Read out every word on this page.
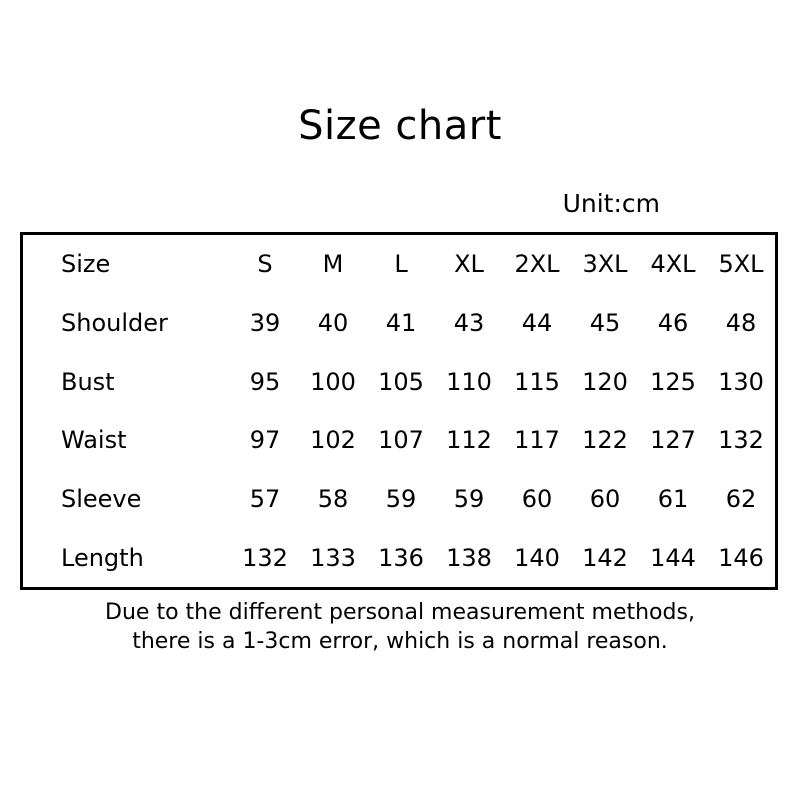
Size chart
Unit:cm
Size	S	M	L	XL	2XL	3XL	4XL	5XL
Shoulder	39	40	41	43	44	45	46	48
Bust	95	100	105	110	115	120	125	130
Waist	97	102	107	112	117	122	127	132
Sleeve	57	58	59	59	60	60	61	62
Length	132	133	136	138	140	142	144	146
Due to the different personal measurement methods,
there is a 1-3cm error, which is a normal reason.
